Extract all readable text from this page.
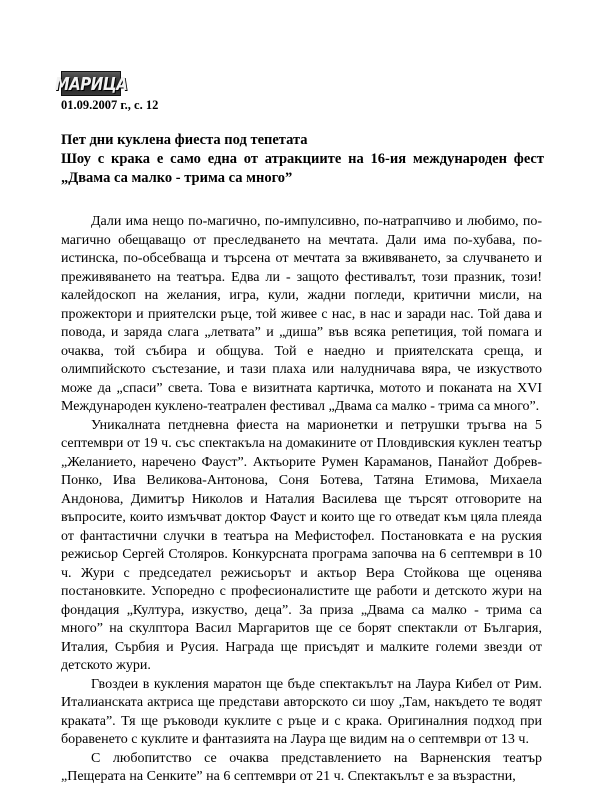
МАРИЦА
01.09.2007 г., с. 12
Пет дни куклена фиеста под тепетата
Шоу с крака е само една от атракциите на 16-ия международен фест „Двама са малко - трима са много”

Дали има нещо по-магично, по-импулсивно, по-натрапчиво и любимо, по-магично обещаващо от преследването на мечтата. Дали има по-хубава, по-истинска, по-обсебваща и търсена от мечтата за вживяването, за случването и преживяването на театъра. Едва ли - защото фестивалът, този празник, този! калейдоскоп на желания, игра, кули, жадни погледи, критични мисли, на прожектори и приятелски ръце, той живее с нас, в нас и заради нас. Той дава и повода, и заряда слага „летвата” и „диша” във всяка репетиция, той помага и очаква, той събира и общува. Той е наедно и приятелската среща, и олимпийското състезание, и тази плаха или налудничава вяра, че изкуството може да „спаси” света. Това е визитната картичка, мотото и поканата на XVI Международен куклено-театрален фестивал „Двама са малко - трима са много”.

Уникалната петдневна фиеста на марионетки и петрушки тръгва на 5 септември от 19 ч. със спектакъла на домакините от Пловдивския куклен театър „Желанието, наречено Фауст”. Актьорите Румен Караманов, Панайот Добрев-Понко, Ива Великова-Антонова, Соня Ботева, Татяна Етимова, Михаела Андонова, Димитър Николов и Наталия Василева ще търсят отговорите на въпросите, които измъчват доктор Фауст и които ще го отведат към цяла плеяда от фантастични случки в театъра на Мефистофел. Постановката е на руския режисьор Сергей Столяров. Конкурсната програма започва на 6 септември в 10 ч. Жури с председател режисьорът и актьор Вера Стойкова ще оценява постановките. Успоредно с професионалистите ще работи и детското жури на фондация „Култура, изкуство, деца”. За приза „Двама са малко - трима са много” на скулптора Васил Маргаритов ще се борят спектакли от България, Италия, Сърбия и Русия. Награда ще присъдят и малките големи звезди от детското жури.

Гвоздеи в кукления маратон ще бъде спектакълът на Лаура Кибел от Рим. Италианската актриса ще представи авторското си шоу „Там, накъдето те водят краката”. Тя ще ръководи куклите с ръце и с крака. Оригиналния подход при боравенето с куклите и фантазията на Лаура ще видим на о септември от 13 ч.

С любопитство се очаква представлението на Варненския театър „Пещерата на Сенките” на 6 септември от 21 ч. Спектакълът е за възрастни,
